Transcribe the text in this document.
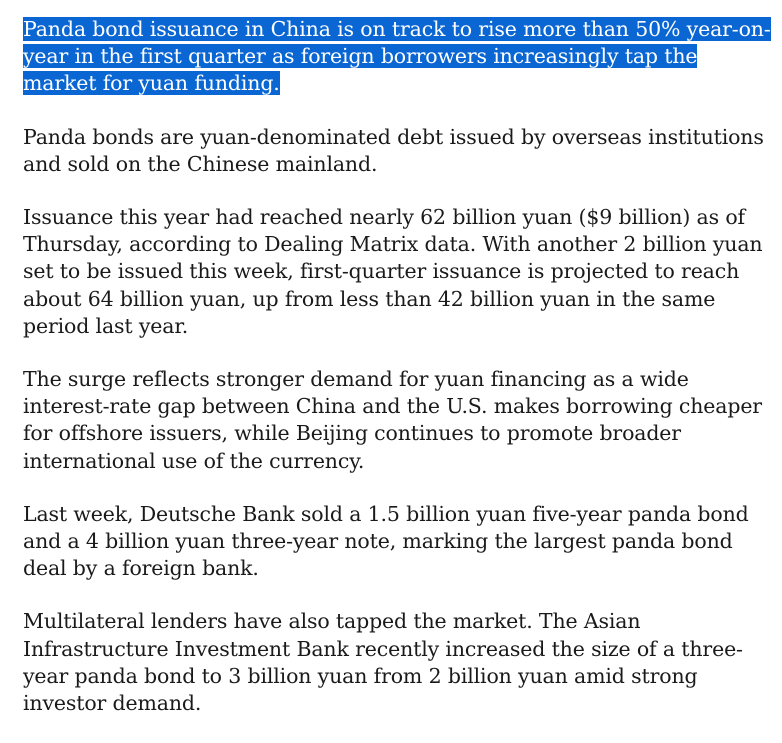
Panda bond issuance in China is on track to rise more than 50% year-on-year in the first quarter as foreign borrowers increasingly tap the market for yuan funding.

Panda bonds are yuan-denominated debt issued by overseas institutions and sold on the Chinese mainland.

Issuance this year had reached nearly 62 billion yuan ($9 billion) as of Thursday, according to Dealing Matrix data. With another 2 billion yuan set to be issued this week, first-quarter issuance is projected to reach about 64 billion yuan, up from less than 42 billion yuan in the same period last year.

The surge reflects stronger demand for yuan financing as a wide interest-rate gap between China and the U.S. makes borrowing cheaper for offshore issuers, while Beijing continues to promote broader international use of the currency.

Last week, Deutsche Bank sold a 1.5 billion yuan five-year panda bond and a 4 billion yuan three-year note, marking the largest panda bond deal by a foreign bank.

Multilateral lenders have also tapped the market. The Asian Infrastructure Investment Bank recently increased the size of a three-year panda bond to 3 billion yuan from 2 billion yuan amid strong investor demand.
